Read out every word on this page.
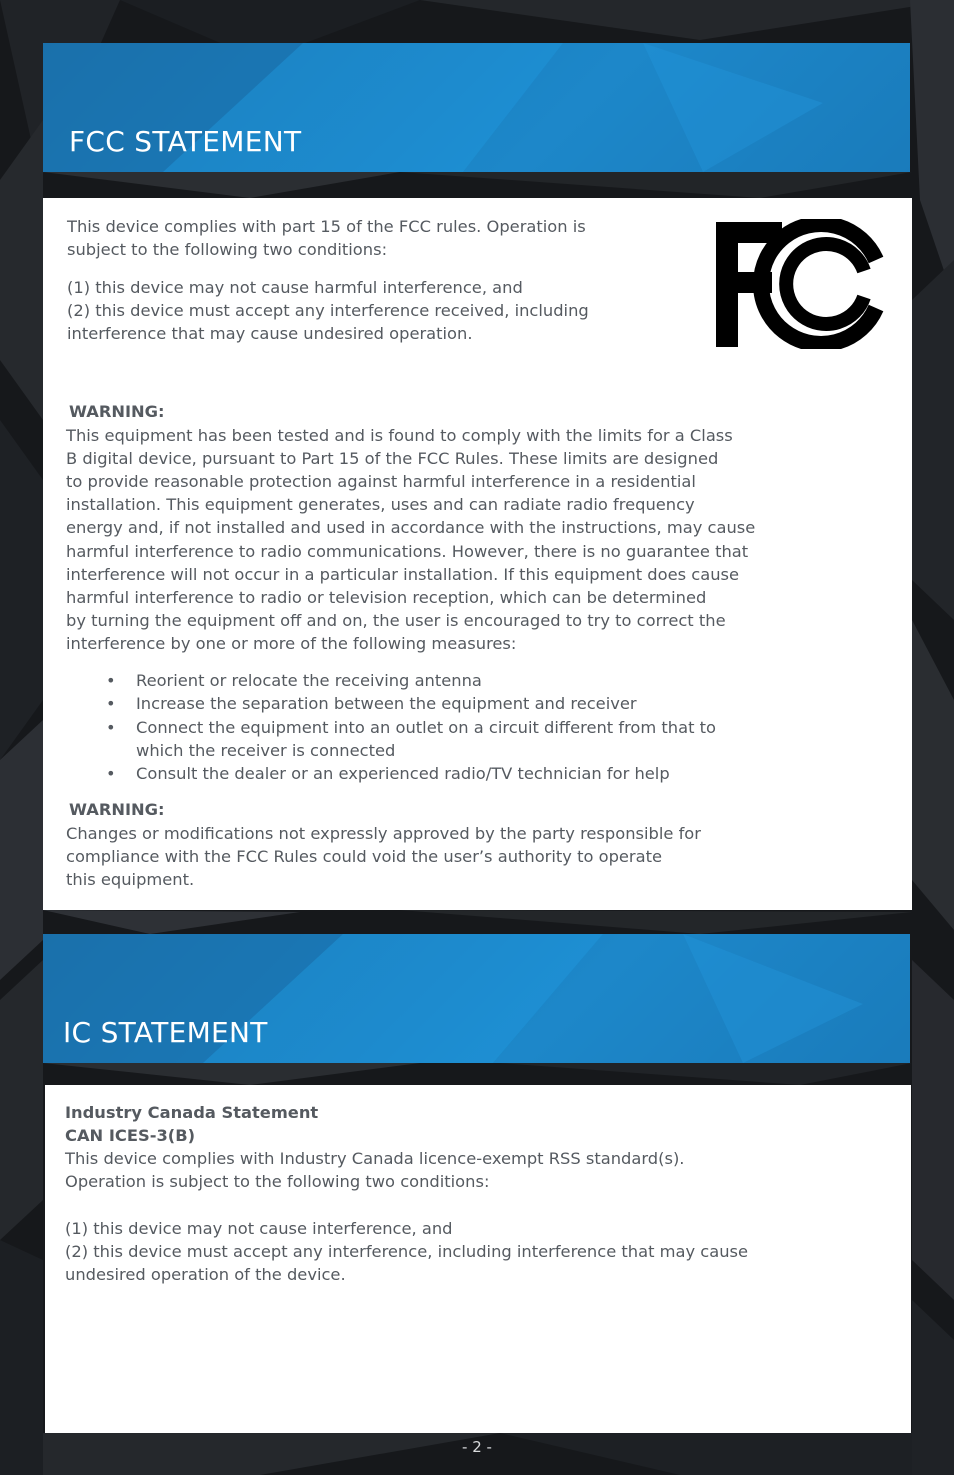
FCC STATEMENT

This device complies with part 15 of the FCC rules. Operation is

subject to the following two conditions:

(1) this device may not cause harmful interference, and

(2) this device must accept any interference received, including

interference that may cause undesired operation.

WARNING:

This equipment has been tested and is found to comply with the limits for a Class

B digital device, pursuant to Part 15 of the FCC Rules. These limits are designed

to provide reasonable protection against harmful interference in a residential

installation. This equipment generates, uses and can radiate radio frequency

energy and, if not installed and used in accordance with the instructions, may cause

harmful interference to radio communications. However, there is no guarantee that

interference will not occur in a particular installation. If this equipment does cause

harmful interference to radio or television reception, which can be determined

by turning the equipment off and on, the user is encouraged to try to correct the

interference by one or more of the following measures:

• Reorient or relocate the receiving antenna
• Increase the separation between the equipment and receiver
• Connect the equipment into an outlet on a circuit different from that to
which the receiver is connected
• Consult the dealer or an experienced radio/TV technician for help

WARNING:

Changes or modifications not expressly approved by the party responsible for

compliance with the FCC Rules could void the user’s authority to operate

this equipment.

IC STATEMENT

Industry Canada Statement

CAN ICES-3(B)

This device complies with Industry Canada licence-exempt RSS standard(s).

Operation is subject to the following two conditions:

(1) this device may not cause interference, and

(2) this device must accept any interference, including interference that may cause

undesired operation of the device.

- 2 -
